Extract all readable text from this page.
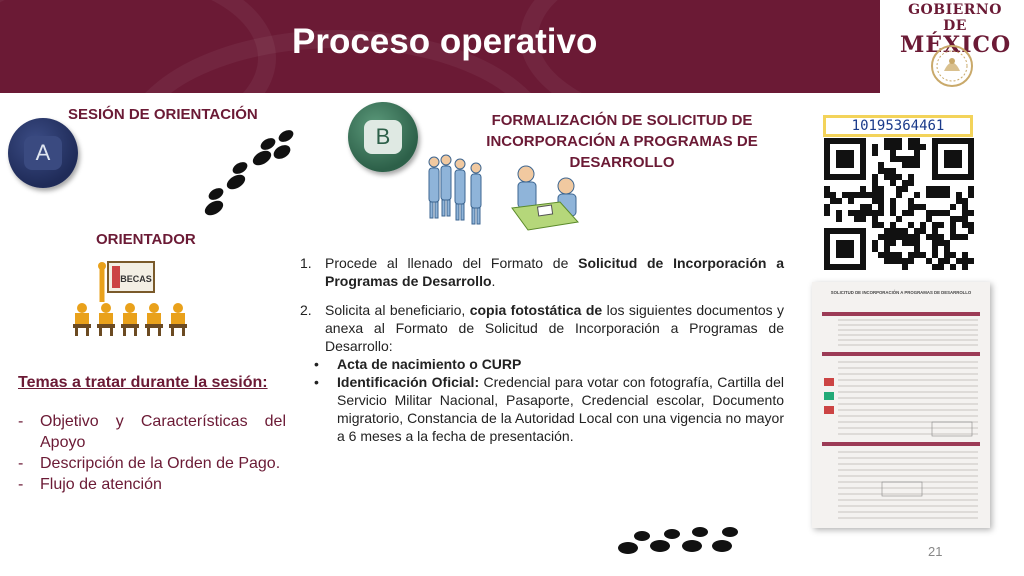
Proceso operativo
GOBIERNO DE
MÉXICO
A
SESIÓN DE ORIENTACIÓN
ORIENTADOR
BECAS
Temas a tratar durante la sesión:
-	Objetivo y Características del Apoyo
-	Descripción de la Orden de Pago.
-	Flujo de atención
B
FORMALIZACIÓN DE SOLICITUD DE INCORPORACIÓN A PROGRAMAS DE DESARROLLO
1. Procede al llenado del Formato de Solicitud de Incorporación a Programas de Desarrollo.
2. Solicita al beneficiario, copia fotostática de los siguientes documentos y anexa al Formato de Solicitud de Incorporación a Programas de Desarrollo:
•	Acta de nacimiento o CURP
•	Identificación Oficial: Credencial para votar con fotografía, Cartilla del Servicio Militar Nacional, Pasaporte, Credencial escolar, Documento migratorio, Constancia de la Autoridad Local con una vigencia no mayor a 6 meses a la fecha de presentación.
10195364461
SOLICITUD DE INCORPORACIÓN A PROGRAMAS DE DESARROLLO
21
